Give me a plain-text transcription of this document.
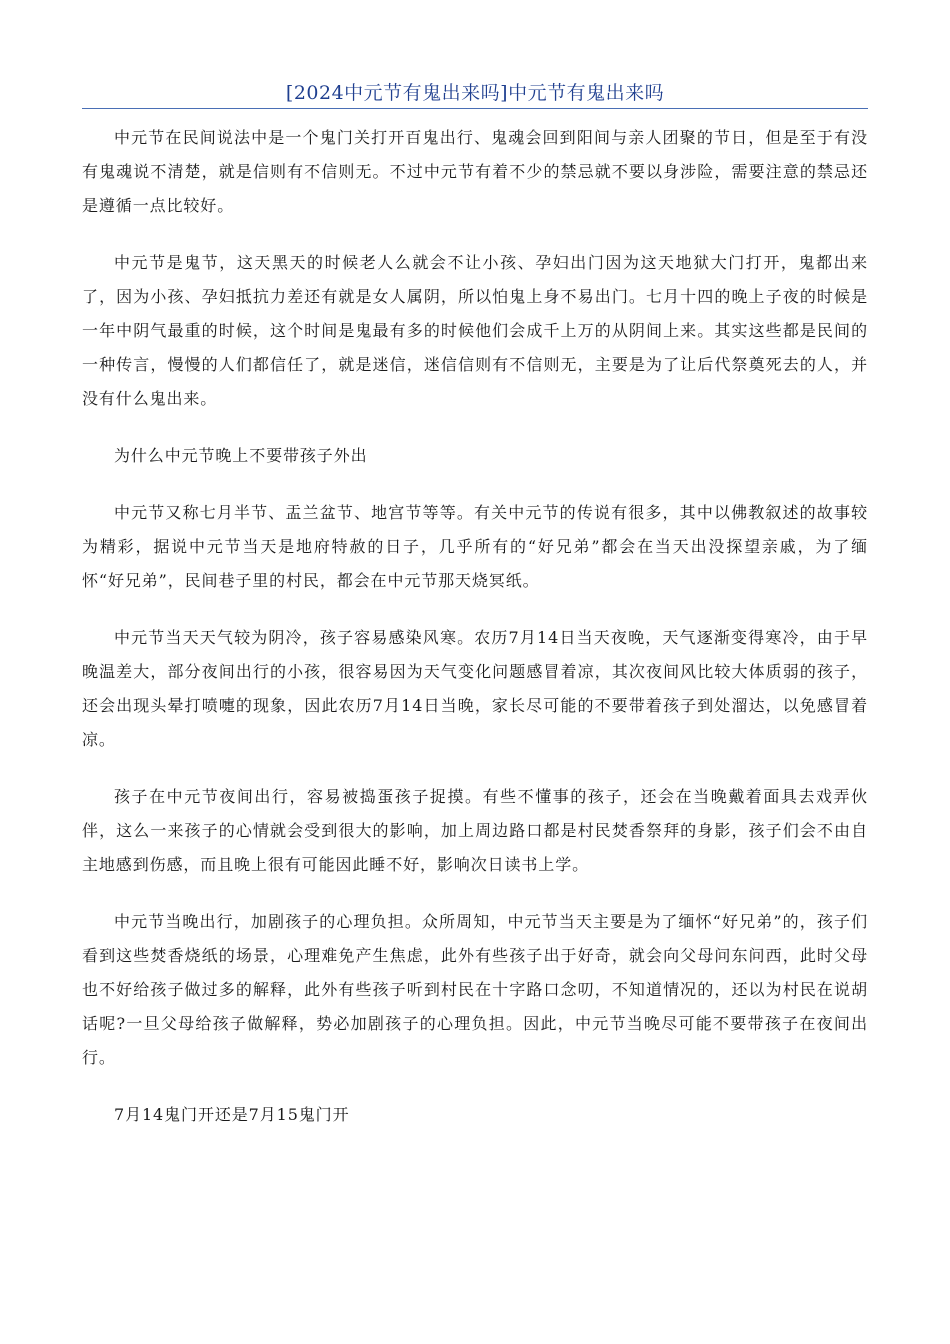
[2024中元节有鬼出来吗]中元节有鬼出来吗

中元节在民间说法中是一个鬼门关打开百鬼出行、鬼魂会回到阳间与亲人团聚的节日，但是至于有没有鬼魂说不清楚，就是信则有不信则无。不过中元节有着不少的禁忌就不要以身涉险，需要注意的禁忌还是遵循一点比较好。

中元节是鬼节，这天黑天的时候老人么就会不让小孩、孕妇出门因为这天地狱大门打开，鬼都出来了，因为小孩、孕妇抵抗力差还有就是女人属阴，所以怕鬼上身不易出门。七月十四的晚上子夜的时候是一年中阴气最重的时候，这个时间是鬼最有多的时候他们会成千上万的从阴间上来。其实这些都是民间的一种传言，慢慢的人们都信任了，就是迷信，迷信信则有不信则无，主要是为了让后代祭奠死去的人，并没有什么鬼出来。

为什么中元节晚上不要带孩子外出

中元节又称七月半节、盂兰盆节、地宫节等等。有关中元节的传说有很多，其中以佛教叙述的故事较为精彩，据说中元节当天是地府特赦的日子，几乎所有的“好兄弟”都会在当天出没探望亲戚，为了缅怀“好兄弟”，民间巷子里的村民，都会在中元节那天烧冥纸。

中元节当天天气较为阴冷，孩子容易感染风寒。农历7月14日当天夜晚，天气逐渐变得寒冷，由于早晚温差大，部分夜间出行的小孩，很容易因为天气变化问题感冒着凉，其次夜间风比较大体质弱的孩子，还会出现头晕打喷嚏的现象，因此农历7月14日当晚，家长尽可能的不要带着孩子到处溜达，以免感冒着凉。

孩子在中元节夜间出行，容易被捣蛋孩子捉摸。有些不懂事的孩子，还会在当晚戴着面具去戏弄伙伴，这么一来孩子的心情就会受到很大的影响，加上周边路口都是村民焚香祭拜的身影，孩子们会不由自主地感到伤感，而且晚上很有可能因此睡不好，影响次日读书上学。

中元节当晚出行，加剧孩子的心理负担。众所周知，中元节当天主要是为了缅怀“好兄弟”的，孩子们看到这些焚香烧纸的场景，心理难免产生焦虑，此外有些孩子出于好奇，就会向父母问东问西，此时父母也不好给孩子做过多的解释，此外有些孩子听到村民在十字路口念叨，不知道情况的，还以为村民在说胡话呢?一旦父母给孩子做解释，势必加剧孩子的心理负担。因此，中元节当晚尽可能不要带孩子在夜间出行。

7月14鬼门开还是7月15鬼门开
